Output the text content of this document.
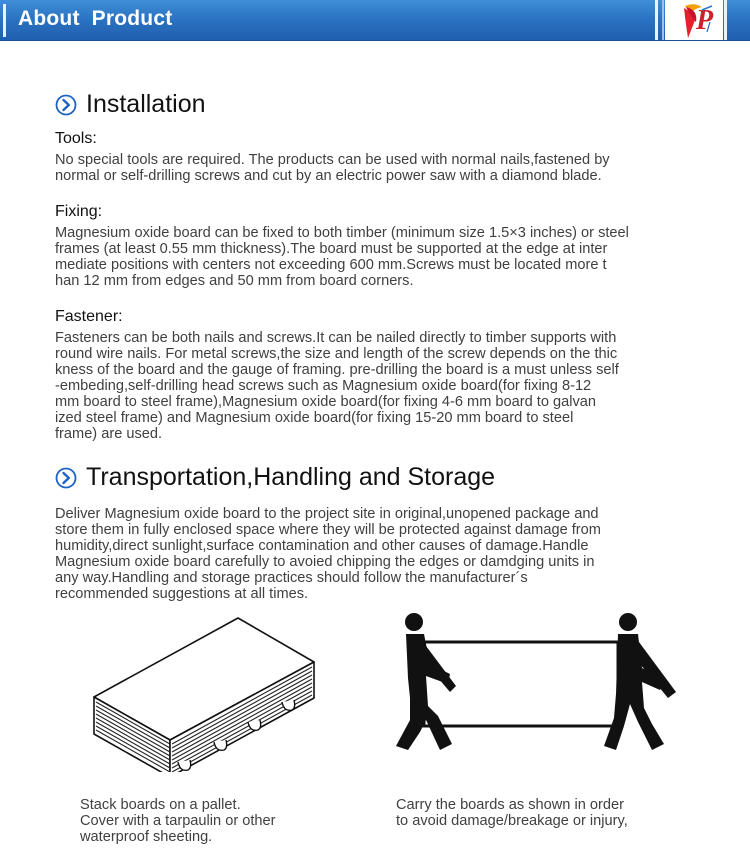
About Product	P
Installation
Tools:
No special tools are required. The products can be used with normal nails,fastened by
normal or self-drilling screws and cut by an electric power saw with a diamond blade.
Fixing:
Magnesium oxide board can be fixed to both timber (minimum size 1.5×3 inches) or steel
frames (at least 0.55 mm thickness).The board must be supported at the edge at inter
mediate positions with centers not exceeding 600 mm.Screws must be located more t
han 12 mm from edges and 50 mm from board corners.
Fastener:
Fasteners can be both nails and screws.It can be nailed directly to timber supports with
round wire nails. For metal screws,the size and length of the screw depends on the thic
kness of the board and the gauge of framing. pre-drilling the board is a must unless self
-embeding,self-drilling head screws such as Magnesium oxide board(for fixing 8-12
mm board to steel frame),Magnesium oxide board(for fixing 4-6 mm board to galvan
ized steel frame) and Magnesium oxide board(for fixing 15-20 mm board to steel
frame) are used.
Transportation,Handling and Storage
Deliver Magnesium oxide board to the project site in original,unopened package and
store them in fully enclosed space where they will be protected against damage from
humidity,direct sunlight,surface contamination and other causes of damage.Handle
Magnesium oxide board carefully to avoied chipping the edges or damdging units in
any way.Handling and storage practices should follow the manufacturer´s
recommended suggestions at all times.
Stack boards on a pallet.
Cover with a tarpaulin or other
waterproof sheeting.
Carry the boards as shown in order
to avoid damage/breakage or injury,
